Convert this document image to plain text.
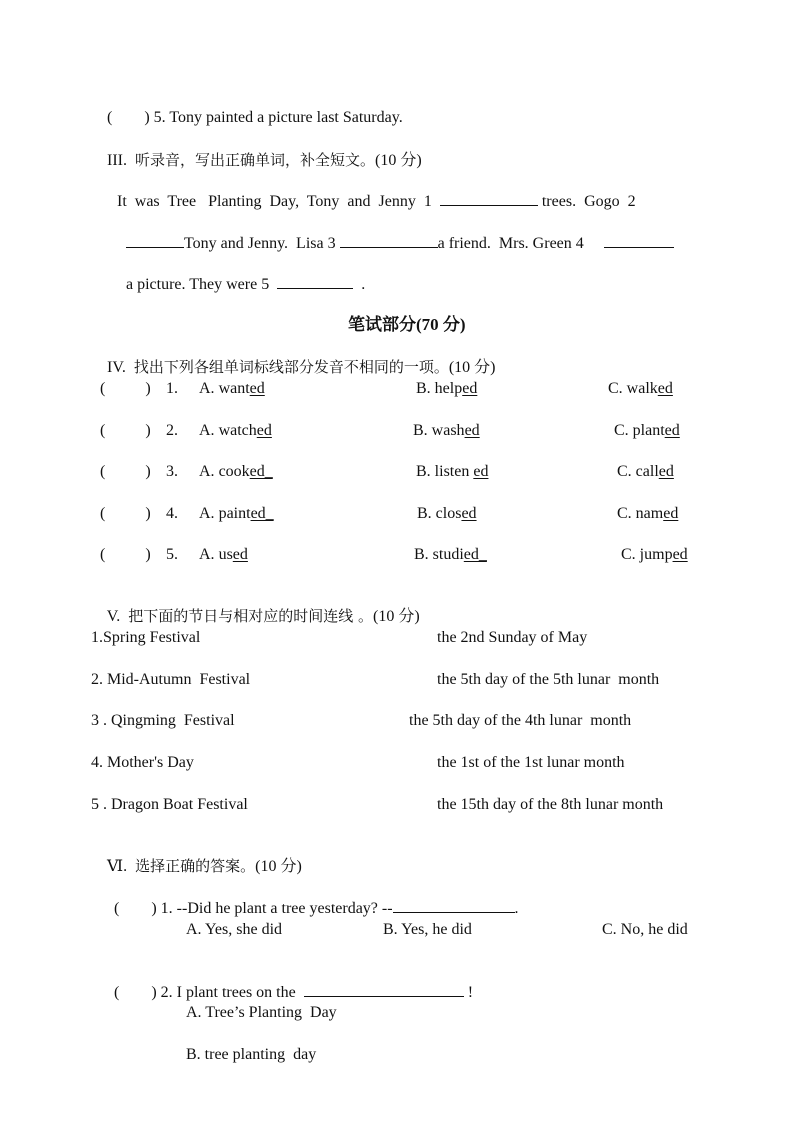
(        ) 5. Tony painted a picture last Saturday.

III.  听录音，写出正确单词，补全短文。(10 分)

It  was  Tree   Planting  Day,  Tony  and  Jenny  1	trees.  Gogo  2

Tony and Jenny.  Lisa 3	a friend.  Mrs. Green 4

a picture. They were 5	.

笔试部分(70 分)

IV.  找出下列各组单词标线部分发音不相同的一项。(10 分)

(          ) 1. A. wanted	B. helped	C. walked
(          ) 2. A. watched	B. washed	C. planted
(          ) 3. A. cooked_	B. listen ed	C. called
(          ) 4. A. painted_	B. closed	C. named
(          ) 5. A. used	B. studied_	C. jumped

V.  把下面的节日与相对应的时间连线 。(10 分)

1.Spring Festival	the 2nd Sunday of May
2. Mid-Autumn  Festival	the 5th day of the 5th lunar  month
3 . Qingming  Festival	the 5th day of the 4th lunar  month
4. Mother's Day	the 1st of the 1st lunar month
5 . Dragon Boat Festival	the 15th day of the 8th lunar month

Ⅵ.  选择正确的答案。(10 分)

(        ) 1. --Did he plant a tree yesterday? --	.

A. Yes, she did	B. Yes, he did	C. No, he did

(        ) 2. I plant trees on the	!

A. Tree’s Planting  Day
B. tree planting  day
